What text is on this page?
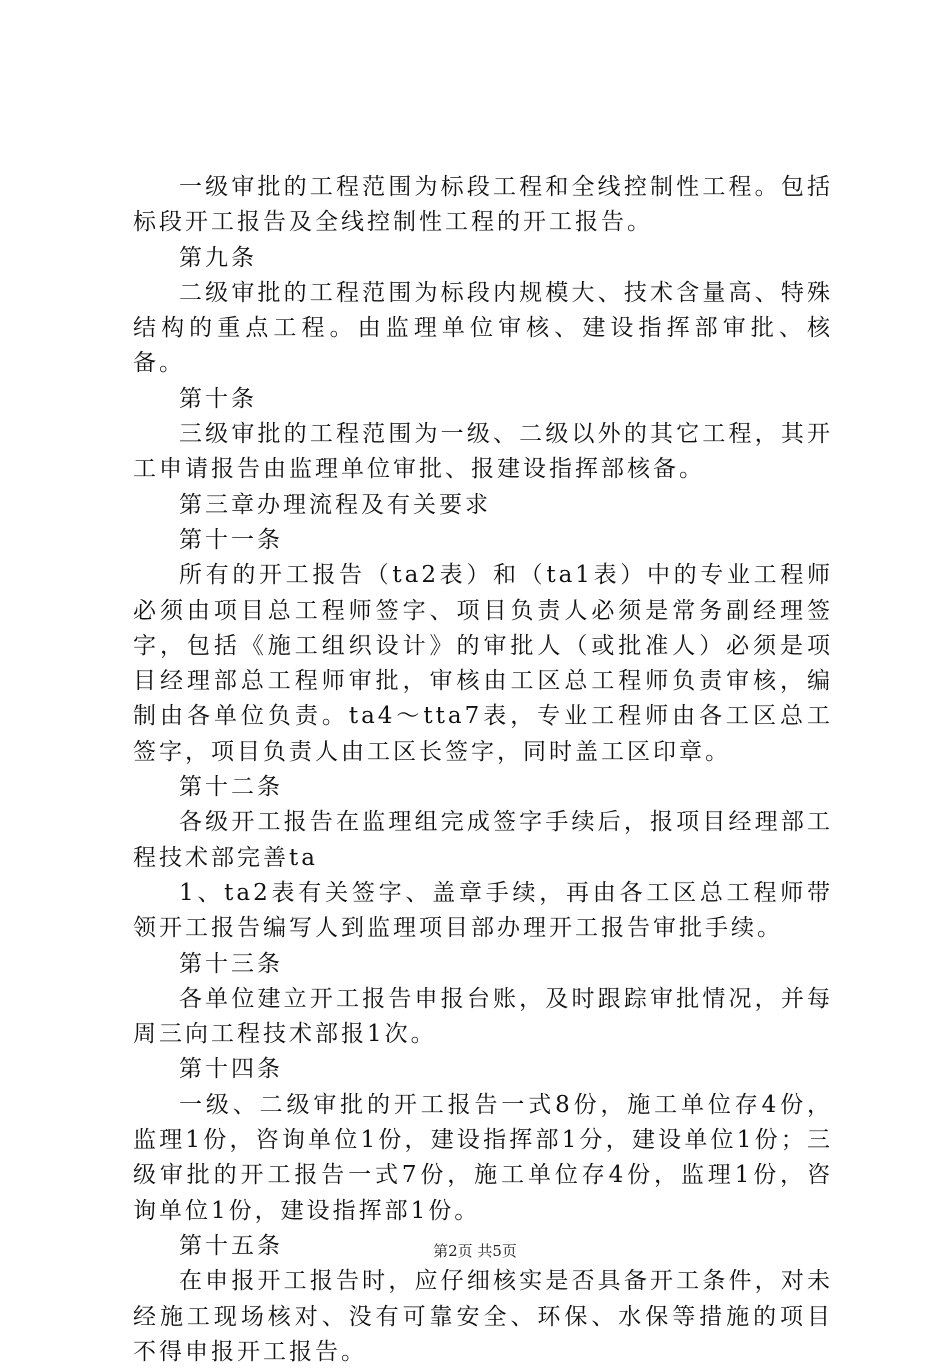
一级审批的工程范围为标段工程和全线控制性工程。包括标段开工报告及全线控制性工程的开工报告。

第九条

二级审批的工程范围为标段内规模大、技术含量高、特殊结构的重点工程。由监理单位审核、建设指挥部审批、核备。

第十条

三级审批的工程范围为一级、二级以外的其它工程，其开工申请报告由监理单位审批、报建设指挥部核备。

第三章办理流程及有关要求

第十一条

所有的开工报告（ta2表）和（ta1表）中的专业工程师必须由项目总工程师签字、项目负责人必须是常务副经理签字，包括《施工组织设计》的审批人（或批准人）必须是项目经理部总工程师审批，审核由工区总工程师负责审核，编制由各单位负责。ta4～tta7表，专业工程师由各工区总工签字，项目负责人由工区长签字，同时盖工区印章。

第十二条

各级开工报告在监理组完成签字手续后，报项目经理部工程技术部完善ta

1、ta2表有关签字、盖章手续，再由各工区总工程师带领开工报告编写人到监理项目部办理开工报告审批手续。

第十三条

各单位建立开工报告申报台账，及时跟踪审批情况，并每周三向工程技术部报1次。

第十四条

一级、二级审批的开工报告一式8份，施工单位存4份，监理1份，咨询单位1份，建设指挥部1分，建设单位1份；三级审批的开工报告一式7份，施工单位存4份，监理1份，咨询单位1份，建设指挥部1份。

第十五条

在申报开工报告时，应仔细核实是否具备开工条件，对未经施工现场核对、没有可靠安全、环保、水保等措施的项目不得申报开工报告。

第2页 共5页
